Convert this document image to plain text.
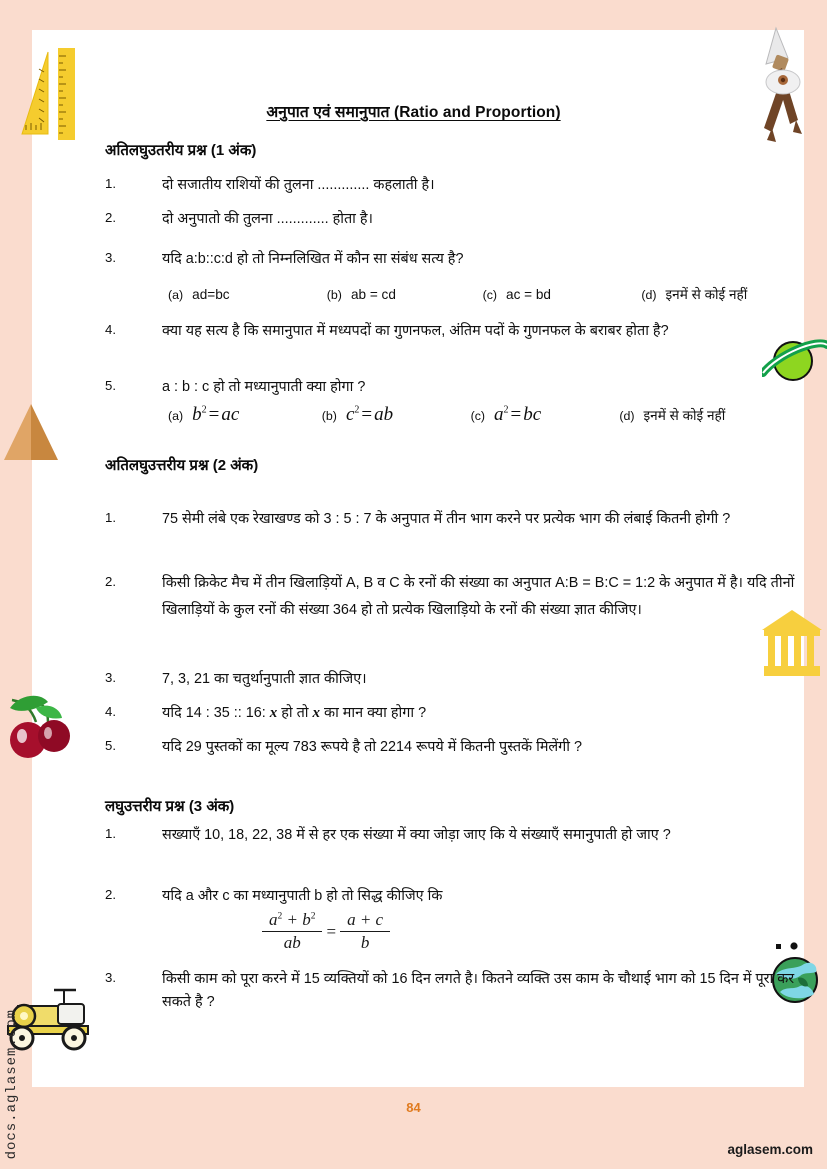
अनुपात एवं समानुपात (Ratio and Proportion)
अतिलघुउतरीय प्रश्न (1 अंक)
1.	दो सजातीय राशियों की तुलना ............. कहलाती है।
2.	दो अनुपातो की तुलना ............. होता है।
3.	यदि a:b::c:d हो तो निम्नलिखित में कौन सा संबंध सत्य है?
(a) ad=bc	(b) ab = cd	(c) ac = bd	(d) इनमें से कोई नहीं
4.	क्या यह सत्य है कि समानुपात में मध्यपदों का गुणनफल, अंतिम पदों के गुणनफल के बराबर होता है?
5.	a : b : c हो तो मध्यानुपाती क्या होगा ?
(a) $b^2$ = ac	(b) $c^2$ = ab	(c) $a^2$ = bc	(d) इनमें से कोई नहीं
अतिलघुउत्तरीय प्रश्न (2 अंक)
1.	75 सेमी लंबे एक रेखाखण्ड को 3 : 5 : 7 के अनुपात में तीन भाग करने पर प्रत्येक भाग की लंबाई कितनी होगी ?
2.	किसी क्रिकेट मैच में तीन खिलाड़ियों A, B व C के रनों की संख्या का अनुपात A:B = B:C = 1:2 के अनुपात में है। यदि तीनों खिलाड़ियों के कुल रनों की संख्या 364 हो तो प्रत्येक खिलाड़ियो के रनों की संख्या ज्ञात कीजिए।
3.	7, 3, 21 का चतुर्थानुपाती ज्ञात कीजिए।
4.	यदि 14 : 35 :: 16: x हो तो x का मान क्या होगा ?
5.	यदि 29 पुस्तकों का मूल्य 783 रूपये है तो 2214 रूपये में कितनी पुस्तकें मिलेंगी ?
लघुउत्तरीय प्रश्न (3 अंक)
1.	सख्याएँ 10, 18, 22, 38 में से हर एक संख्या में क्या जोड़ा जाए कि ये संख्याएँ समानुपाती हो जाए ?
2.	यदि a और c का मध्यानुपाती b हो तो सिद्ध कीजिए कि
$\frac{a^2 + b^2}{ab} = \frac{a + c}{b}$
3.	किसी काम को पूरा करने में 15 व्यक्तियों को 16 दिन लगते है। कितने व्यक्ति उस काम के चौथाई भाग को 15 दिन में पूरा कर सकते है ?
84
aglasem.com
docs.aglasem.com
